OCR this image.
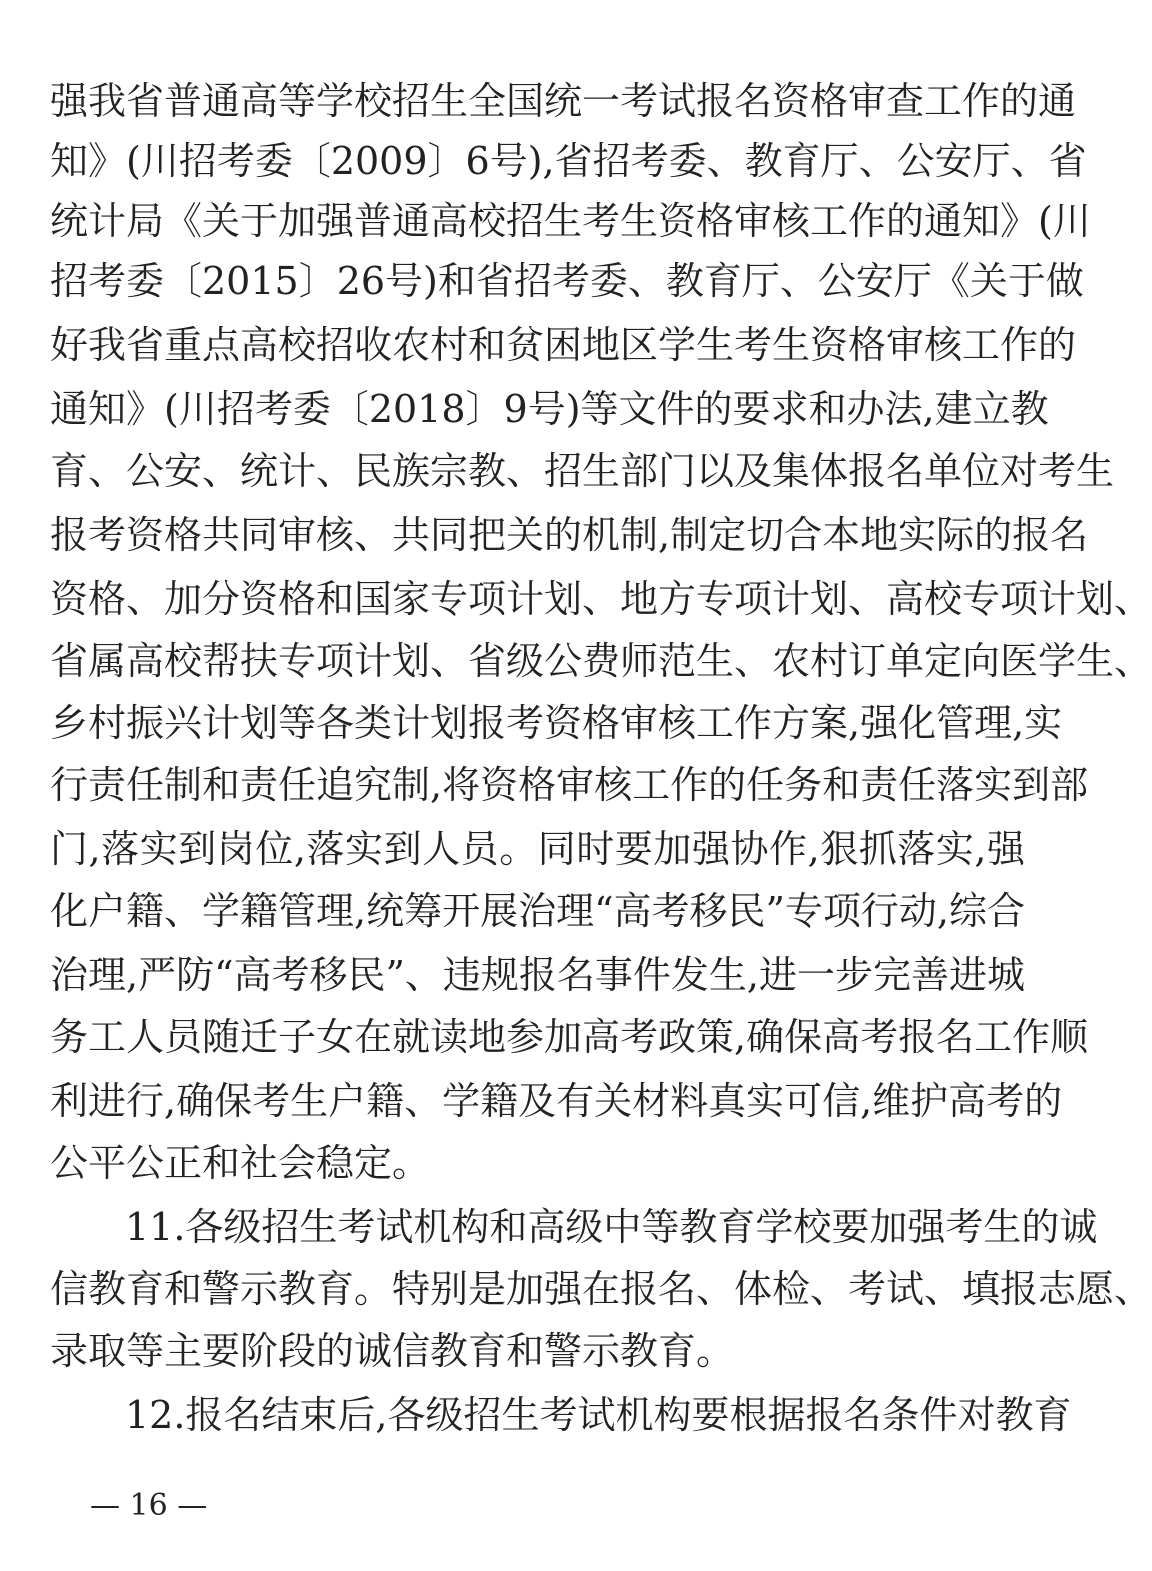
强我省普通高等学校招生全国统一考试报名资格审查工作的通
知》(川招考委〔2009〕6号),省招考委、教育厅、公安厅、省
统计局《关于加强普通高校招生考生资格审核工作的通知》(川
招考委〔2015〕26号)和省招考委、教育厅、公安厅《关于做
好我省重点高校招收农村和贫困地区学生考生资格审核工作的
通知》(川招考委〔2018〕9号)等文件的要求和办法,建立教
育、公安、统计、民族宗教、招生部门以及集体报名单位对考生
报考资格共同审核、共同把关的机制,制定切合本地实际的报名
资格、加分资格和国家专项计划、地方专项计划、高校专项计划、
省属高校帮扶专项计划、省级公费师范生、农村订单定向医学生、
乡村振兴计划等各类计划报考资格审核工作方案,强化管理,实
行责任制和责任追究制,将资格审核工作的任务和责任落实到部
门,落实到岗位,落实到人员。同时要加强协作,狠抓落实,强
化户籍、学籍管理,统筹开展治理“高考移民”专项行动,综合
治理,严防“高考移民”、违规报名事件发生,进一步完善进城
务工人员随迁子女在就读地参加高考政策,确保高考报名工作顺
利进行,确保考生户籍、学籍及有关材料真实可信,维护高考的
公平公正和社会稳定。
11.各级招生考试机构和高级中等教育学校要加强考生的诚
信教育和警示教育。特别是加强在报名、体检、考试、填报志愿、
录取等主要阶段的诚信教育和警示教育。
12.报名结束后,各级招生考试机构要根据报名条件对教育
— 16 —
